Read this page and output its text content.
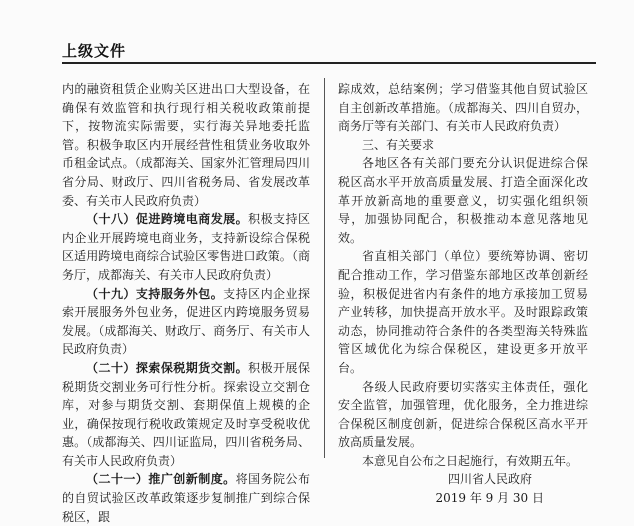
上级文件

内的融资租赁企业购关区进出口大型设备，在确保有效监管和执行现行相关税收政策前提下，按物流实际需要，实行海关异地委托监管。积极争取区内开展经营性租赁业务收取外币租金试点。（成都海关、国家外汇管理局四川省分局、财政厅、四川省税务局、省发展改革委、有关市人民政府负责）

（十八）促进跨境电商发展。积极支持区内企业开展跨境电商业务，支持新设综合保税区适用跨境电商综合试验区零售进口政策。（商务厅，成都海关、有关市人民政府负责）

（十九）支持服务外包。支持区内企业探索开展服务外包业务，促进区内跨境服务贸易发展。（成都海关、财政厅、商务厅、有关市人民政府负责）

（二十）探索保税期货交割。积极开展保税期货交割业务可行性分析。探索设立交割仓库，对参与期货交割、套期保值上规模的企业，确保按现行税收政策规定及时享受税收优惠。（成都海关、四川证监局，四川省税务局、有关市人民政府负责）

（二十一）推广创新制度。将国务院公布的自贸试验区改革政策逐步复制推广到综合保税区，跟

踪成效，总结案例；学习借鉴其他自贸试验区自主创新改革措施。（成都海关、四川自贸办，商务厅等有关部门、有关市人民政府负责）

三、有关要求

各地区各有关部门要充分认识促进综合保税区高水平开放高质量发展、打造全面深化改革开放新高地的重要意义，切实强化组织领导，加强协同配合，积极推动本意见落地见效。

省直相关部门（单位）要统筹协调、密切配合推动工作，学习借鉴东部地区改革创新经验，积极促进省内有条件的地方承接加工贸易产业转移，加快提高开放水平。及时跟踪政策动态，协同推动符合条件的各类型海关特殊监管区域优化为综合保税区，建设更多开放平台。

各级人民政府要切实落实主体责任，强化安全监管，加强管理，优化服务，全力推进综合保税区制度创新，促进综合保税区高水平开放高质量发展。

本意见自公布之日起施行，有效期五年。

四川省人民政府

2019 年 9 月 30 日
